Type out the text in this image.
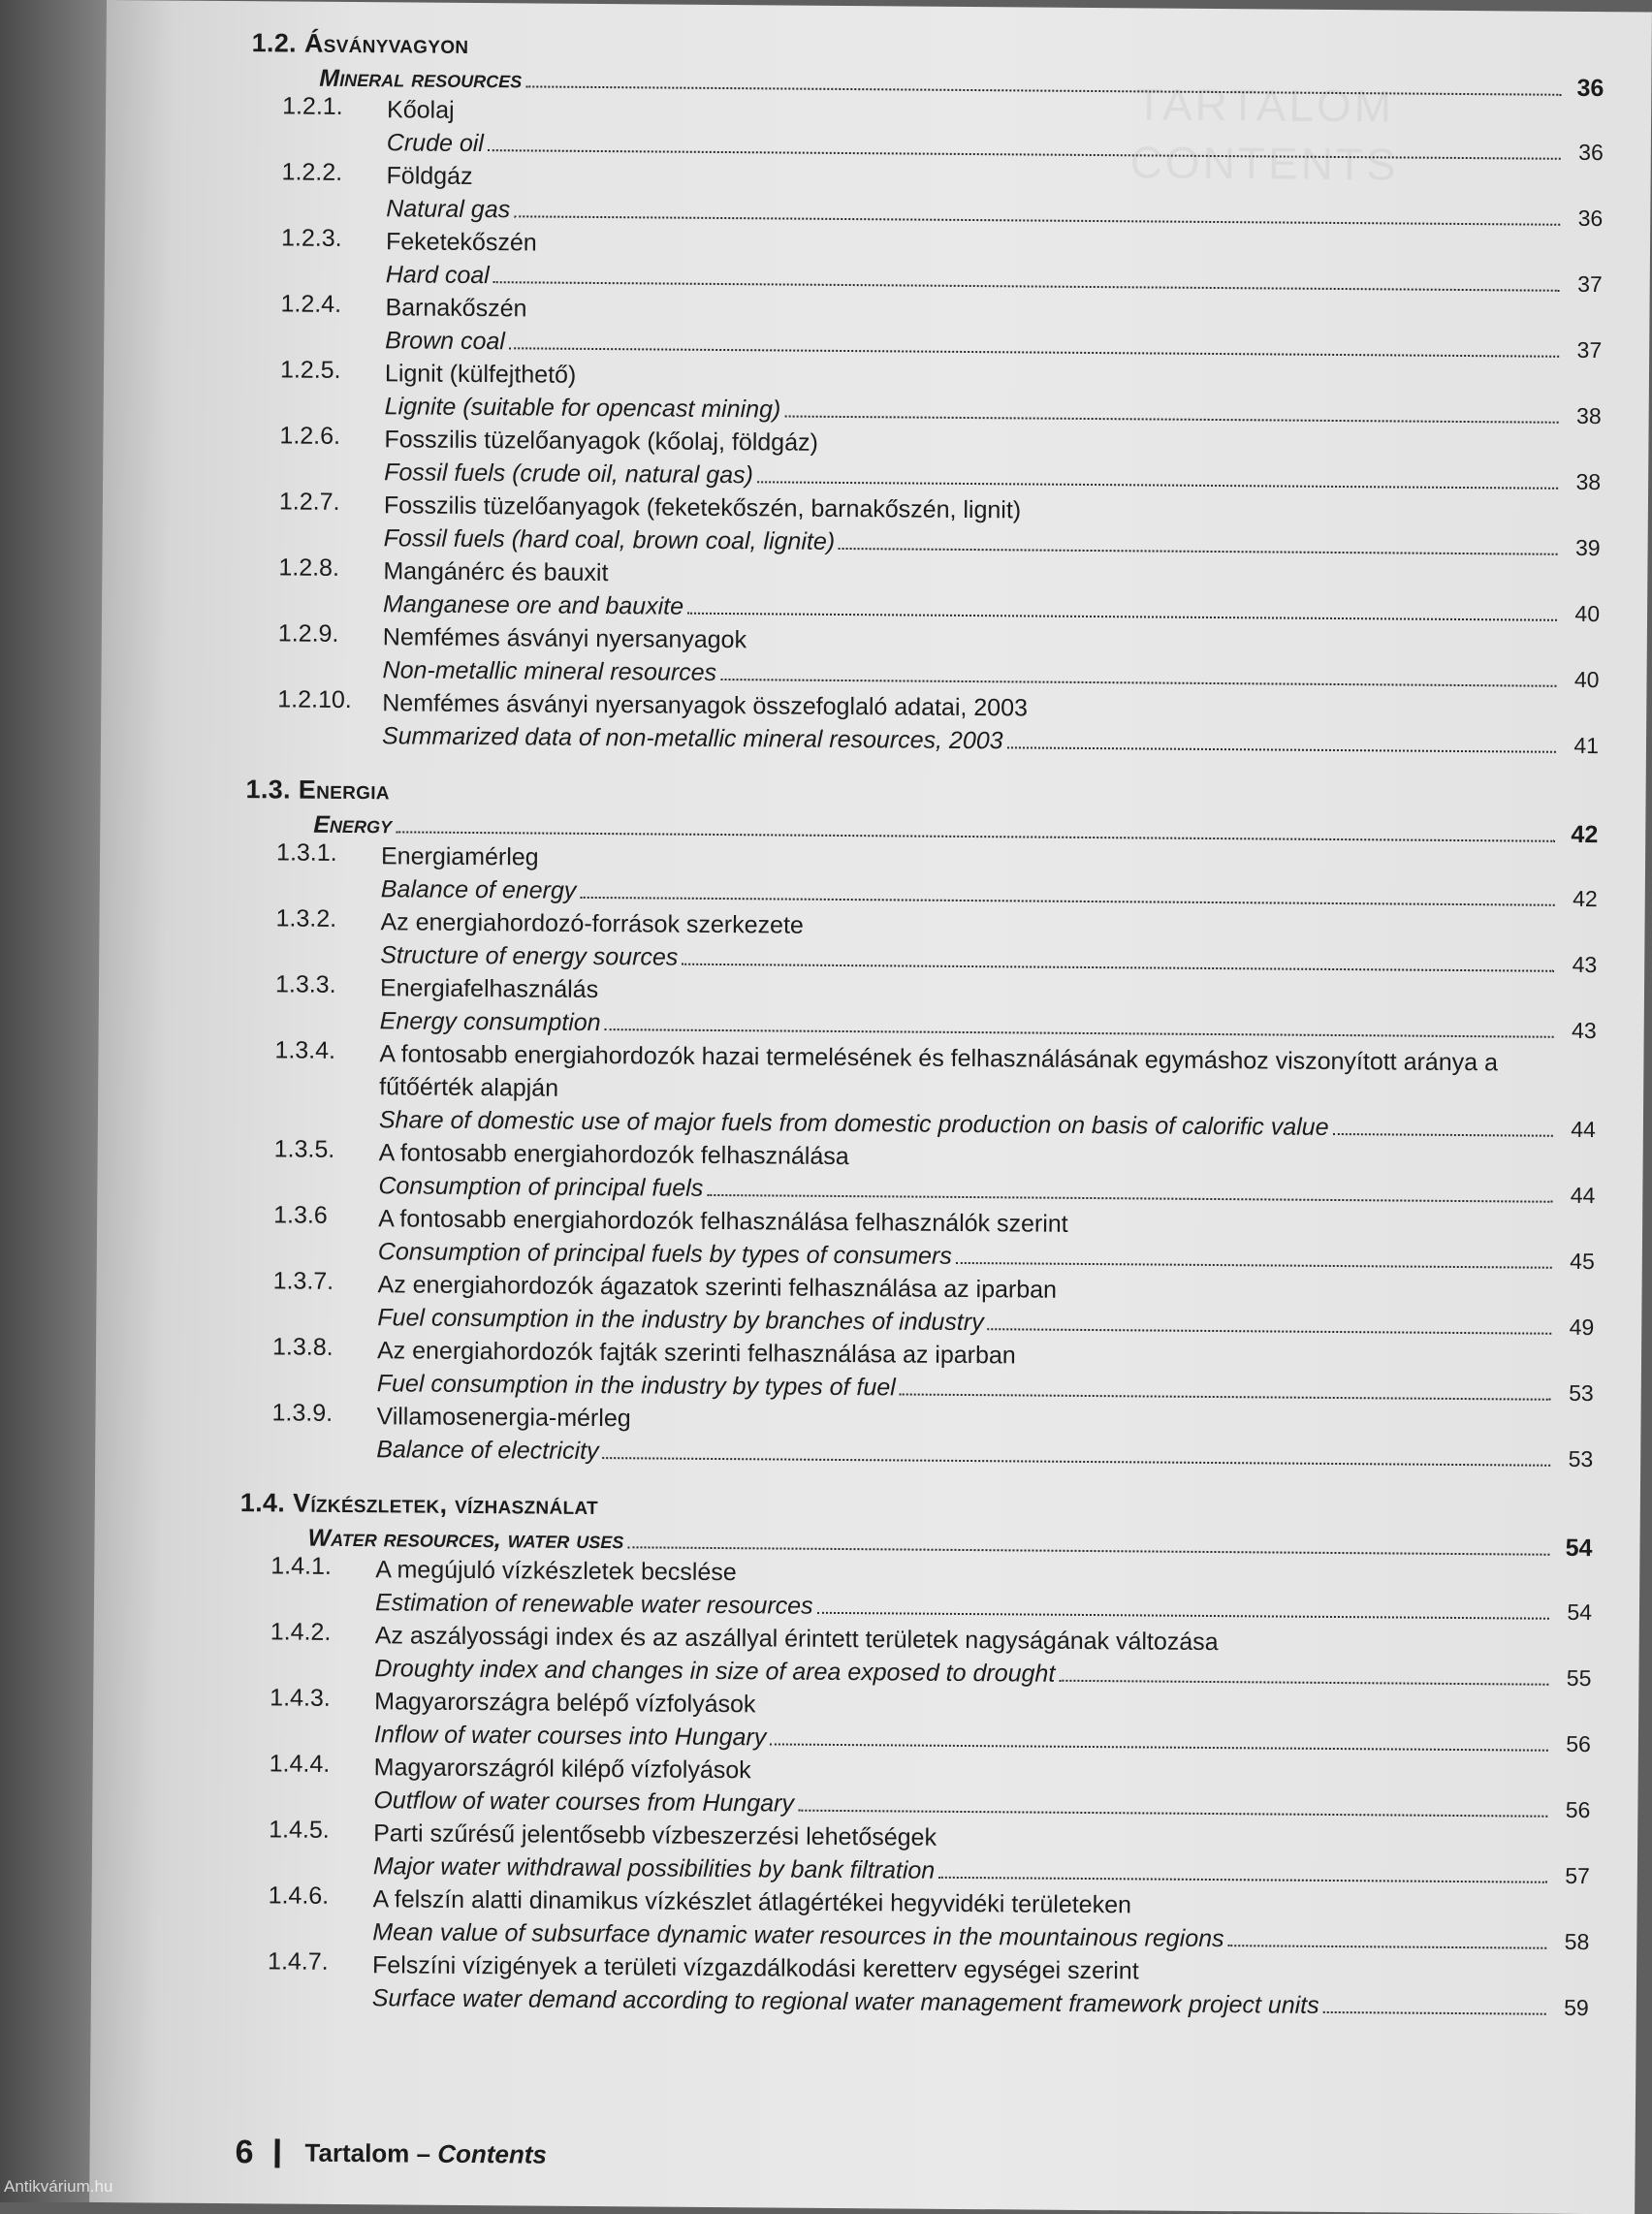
TARTALOM
CONTENTS
1.2. Ásványvagyon
Mineral resources	36
1.2.1. Kőolaj
Crude oil	36
1.2.2. Földgáz
Natural gas	36
1.2.3. Feketekőszén
Hard coal	37
1.2.4. Barnakőszén
Brown coal	37
1.2.5. Lignit (külfejthető)
Lignite (suitable for opencast mining)	38
1.2.6. Fosszilis tüzelőanyagok (kőolaj, földgáz)
Fossil fuels (crude oil, natural gas)	38
1.2.7. Fosszilis tüzelőanyagok (feketekőszén, barnakőszén, lignit)
Fossil fuels (hard coal, brown coal, lignite)	39
1.2.8. Mangánérc és bauxit
Manganese ore and bauxite	40
1.2.9. Nemfémes ásványi nyersanyagok
Non-metallic mineral resources	40
1.2.10. Nemfémes ásványi nyersanyagok összefoglaló adatai, 2003
Summarized data of non-metallic mineral resources, 2003	41
1.3. Energia
Energy	42
1.3.1. Energiamérleg
Balance of energy	42
1.3.2. Az energiahordozó-források szerkezete
Structure of energy sources	43
1.3.3. Energiafelhasználás
Energy consumption	43
1.3.4. A fontosabb energiahordozók hazai termelésének és felhasználásának egymáshoz viszonyított aránya a fűtőérték alapján
Share of domestic use of major fuels from domestic production on basis of calorific value	44
1.3.5. A fontosabb energiahordozók felhasználása
Consumption of principal fuels	44
1.3.6 A fontosabb energiahordozók felhasználása felhasználók szerint
Consumption of principal fuels by types of consumers	45
1.3.7. Az energiahordozók ágazatok szerinti felhasználása az iparban
Fuel consumption in the industry by branches of industry	49
1.3.8. Az energiahordozók fajták szerinti felhasználása az iparban
Fuel consumption in the industry by types of fuel	53
1.3.9. Villamosenergia-mérleg
Balance of electricity	53
1.4. Vízkészletek, vízhasználat
Water resources, water uses	54
1.4.1. A megújuló vízkészletek becslése
Estimation of renewable water resources	54
1.4.2. Az aszályossági index és az aszállyal érintett területek nagyságának változása
Droughty index and changes in size of area exposed to drought	55
1.4.3. Magyarországra belépő vízfolyások
Inflow of water courses into Hungary	56
1.4.4. Magyarországról kilépő vízfolyások
Outflow of water courses from Hungary	56
1.4.5. Parti szűrésű jelentősebb vízbeszerzési lehetőségek
Major water withdrawal possibilities by bank filtration	57
1.4.6. A felszín alatti dinamikus vízkészlet átlagértékei hegyvidéki területeken
Mean value of subsurface dynamic water resources in the mountainous regions	58
1.4.7. Felszíni vízigények a területi vízgazdálkodási keretterv egységei szerint
Surface water demand according to regional water management framework project units	59
6 Tartalom – Contents
Antikvárium.hu
